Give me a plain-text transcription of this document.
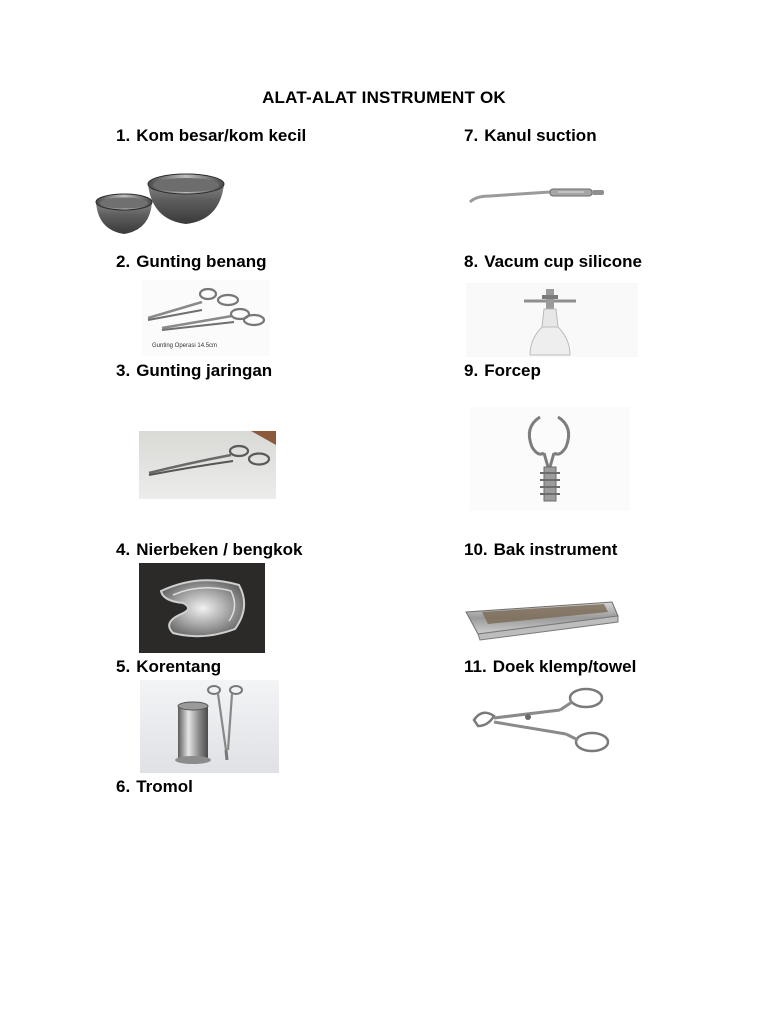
ALAT-ALAT INSTRUMENT OK
1. Kom besar/kom kecil
2. Gunting benang
3. Gunting jaringan
4. Nierbeken / bengkok
5. Korentang
6. Tromol
7. Kanul suction
8. Vacum cup silicone
9. Forcep
10. Bak instrument
11. Doek klemp/towel
Gunting Operasi 14.5cm
